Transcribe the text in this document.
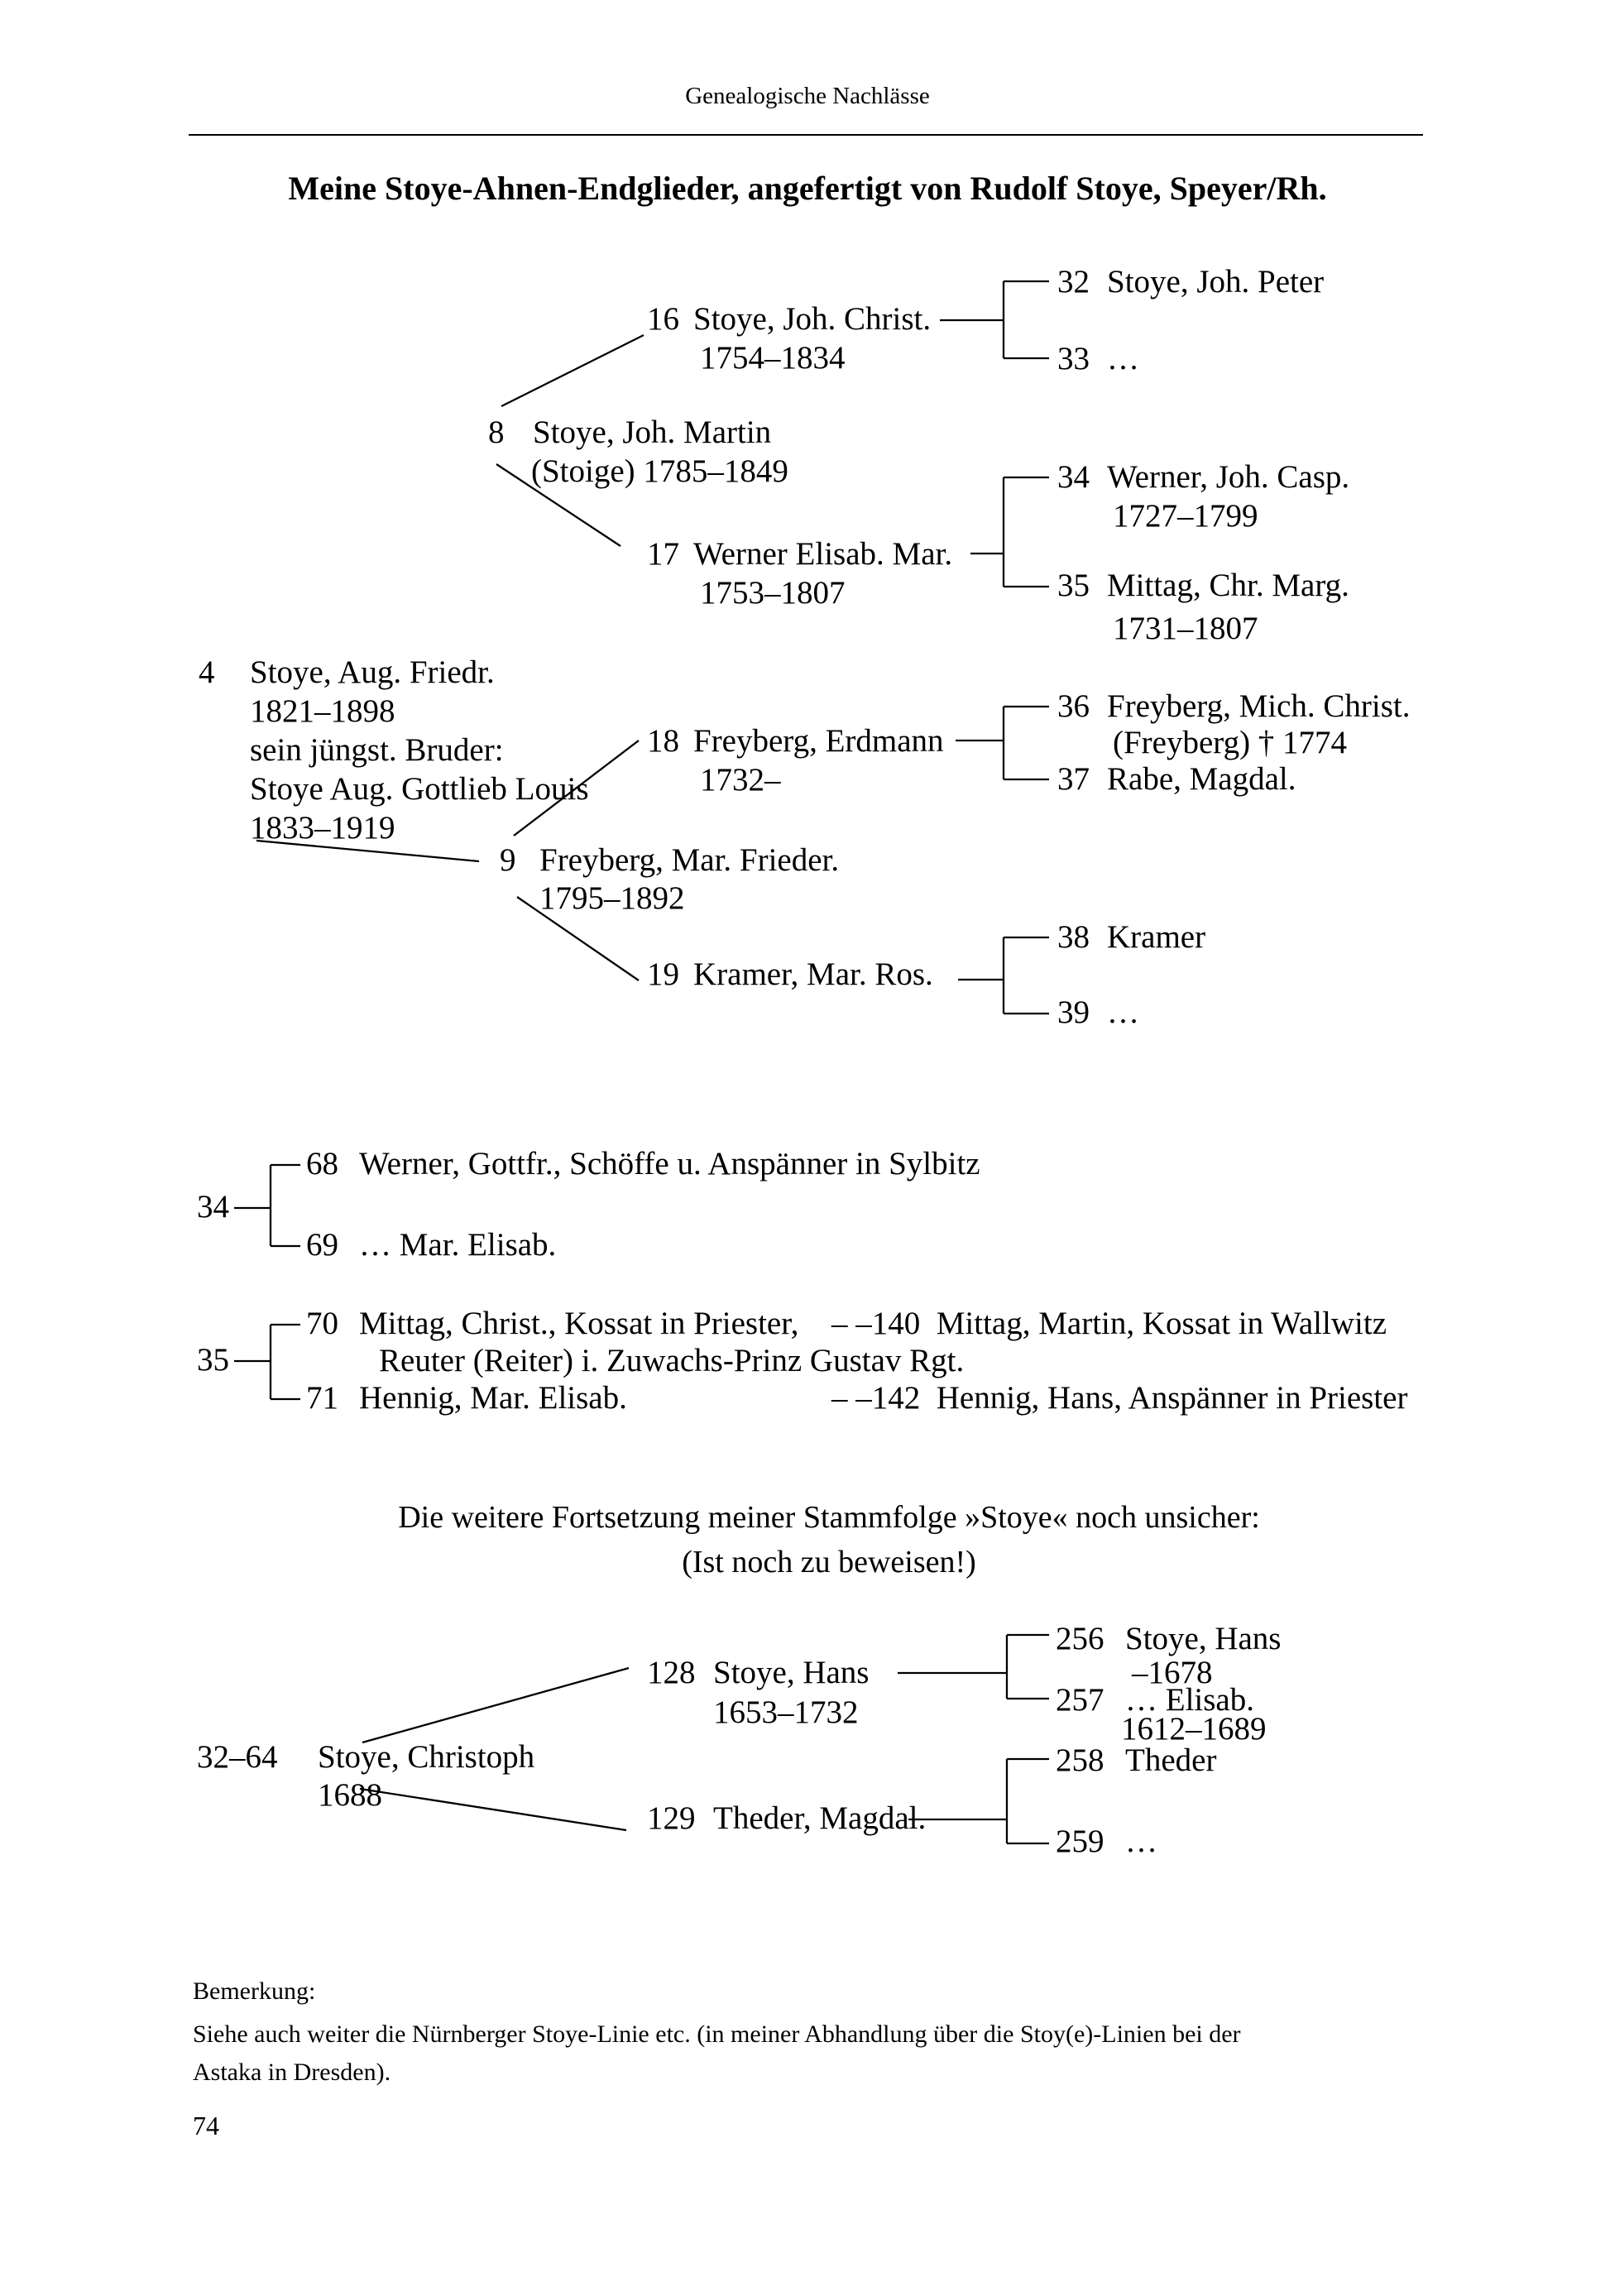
Genealogische Nachlässe
Meine Stoye-Ahnen-Endglieder, angefertigt von Rudolf Stoye, Speyer/Rh.
Die weitere Fortsetzung meiner Stammfolge »Stoye« noch unsicher:
(Ist noch zu beweisen!)
Bemerkung:
Siehe auch weiter die Nürnberger Stoye-Linie etc. (in meiner Abhandlung über die Stoy(e)-Linien bei der
Astaka in Dresden).
74
4 Stoye, Aug. Friedr.
1821–1898
sein jüngst. Bruder:
Stoye Aug. Gottlieb Louis
1833–1919
8 Stoye, Joh. Martin
(Stoige) 1785–1849
9 Freyberg, Mar. Frieder.
1795–1892
16 Stoye, Joh. Christ.
1754–1834
17 Werner Elisab. Mar.
1753–1807
18 Freyberg, Erdmann
1732–
19 Kramer, Mar. Ros.
32 Stoye, Joh. Peter
33 …
34 Werner, Joh. Casp.
1727–1799
35 Mittag, Chr. Marg.
1731–1807
36 Freyberg, Mich. Christ.
(Freyberg) † 1774
37 Rabe, Magdal.
38 Kramer
39 …
34
68 Werner, Gottfr., Schöffe u. Anspänner in Sylbitz
69 … Mar. Elisab.
35
70 Mittag, Christ., Kossat in Priester, – –140  Mittag, Martin, Kossat in Wallwitz
Reuter (Reiter) i. Zuwachs-Prinz Gustav Rgt.
71 Hennig, Mar. Elisab.	– –142  Hennig, Hans, Anspänner in Priester
32–64 Stoye, Christoph
1688
128 Stoye, Hans
1653–1732
129 Theder, Magdal.
256 Stoye, Hans
–1678
257 … Elisab.
1612–1689
258 Theder
259 …
